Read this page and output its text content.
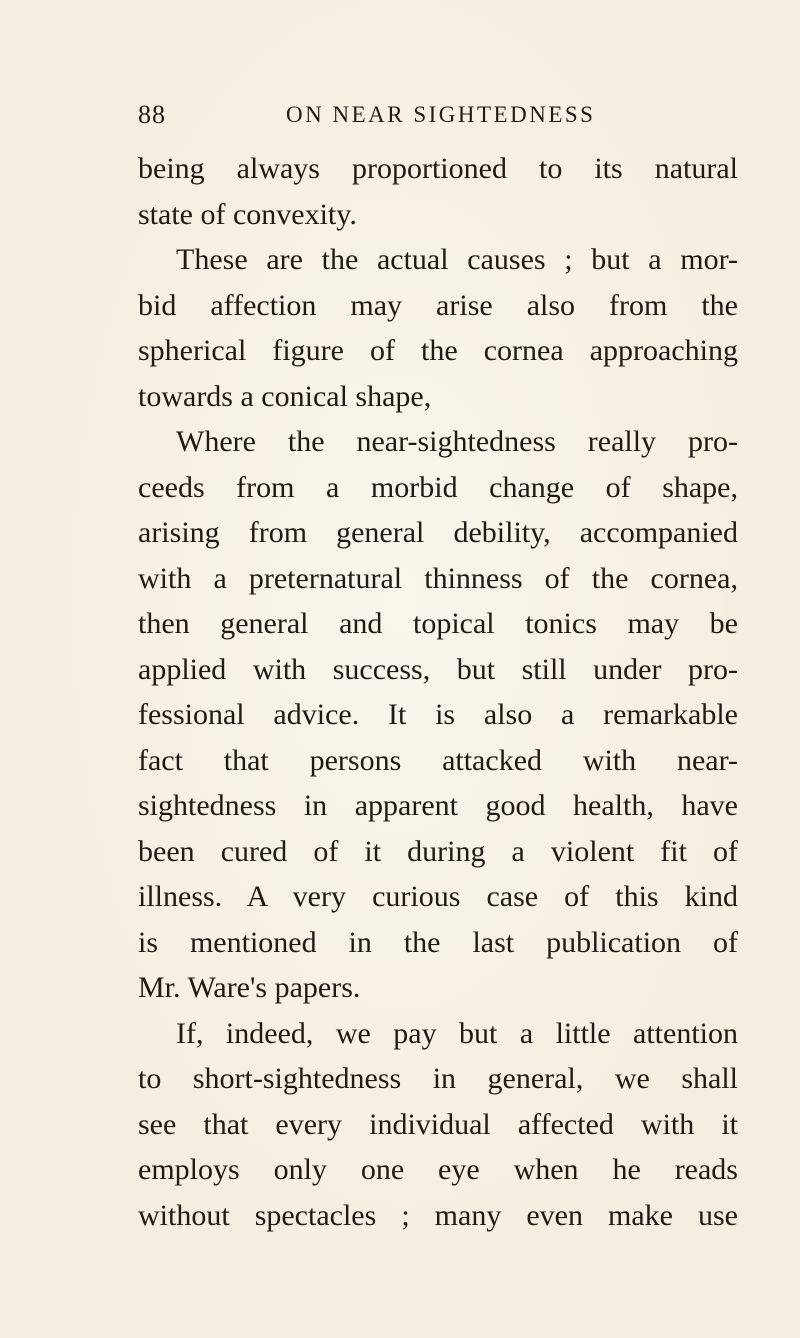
88	ON NEAR SIGHTEDNESS
being always proportioned to its natural
state of convexity.
These are the actual causes ; but a mor-
bid affection may arise also from the
spherical figure of the cornea approaching
towards a conical shape,
Where the near-sightedness really pro-
ceeds from a morbid change of shape,
arising from general debility, accompanied
with a preternatural thinness of the cornea,
then general and topical tonics may be
applied with success, but still under pro-
fessional advice. It is also a remarkable
fact that persons attacked with near-
sightedness in apparent good health, have
been cured of it during a violent fit of
illness. A very curious case of this kind
is mentioned in the last publication of
Mr. Ware's papers.
If, indeed, we pay but a little attention
to short-sightedness in general, we shall
see that every individual affected with it
employs only one eye when he reads
without spectacles ; many even make use
